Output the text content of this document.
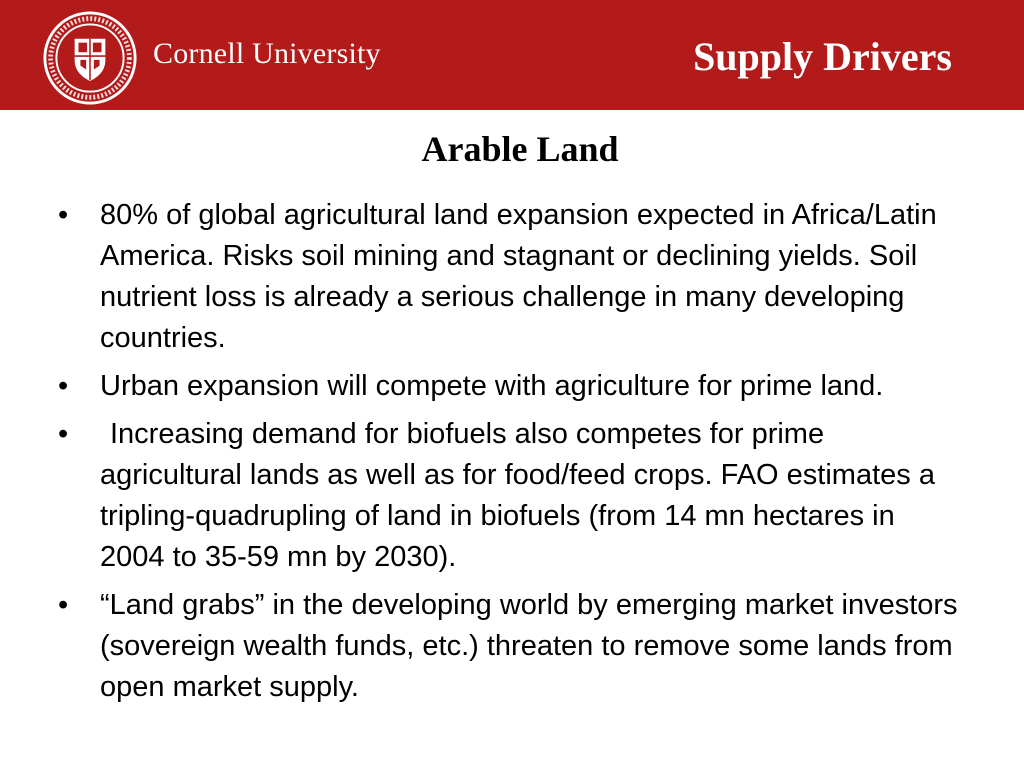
Cornell University	Supply Drivers
Arable Land
• 80% of global agricultural land expansion expected in Africa/Latin America. Risks soil mining and stagnant or declining yields. Soil nutrient loss is already a serious challenge in many developing countries.
• Urban expansion will compete with agriculture for prime land.
•	Increasing demand for biofuels also competes for prime agricultural lands as well as for food/feed crops. FAO estimates a tripling-quadrupling of land in biofuels (from 14 mn hectares in 2004 to 35-59 mn by 2030).
• “Land grabs” in the developing world by emerging market investors (sovereign wealth funds, etc.) threaten to remove some lands from open market supply.
